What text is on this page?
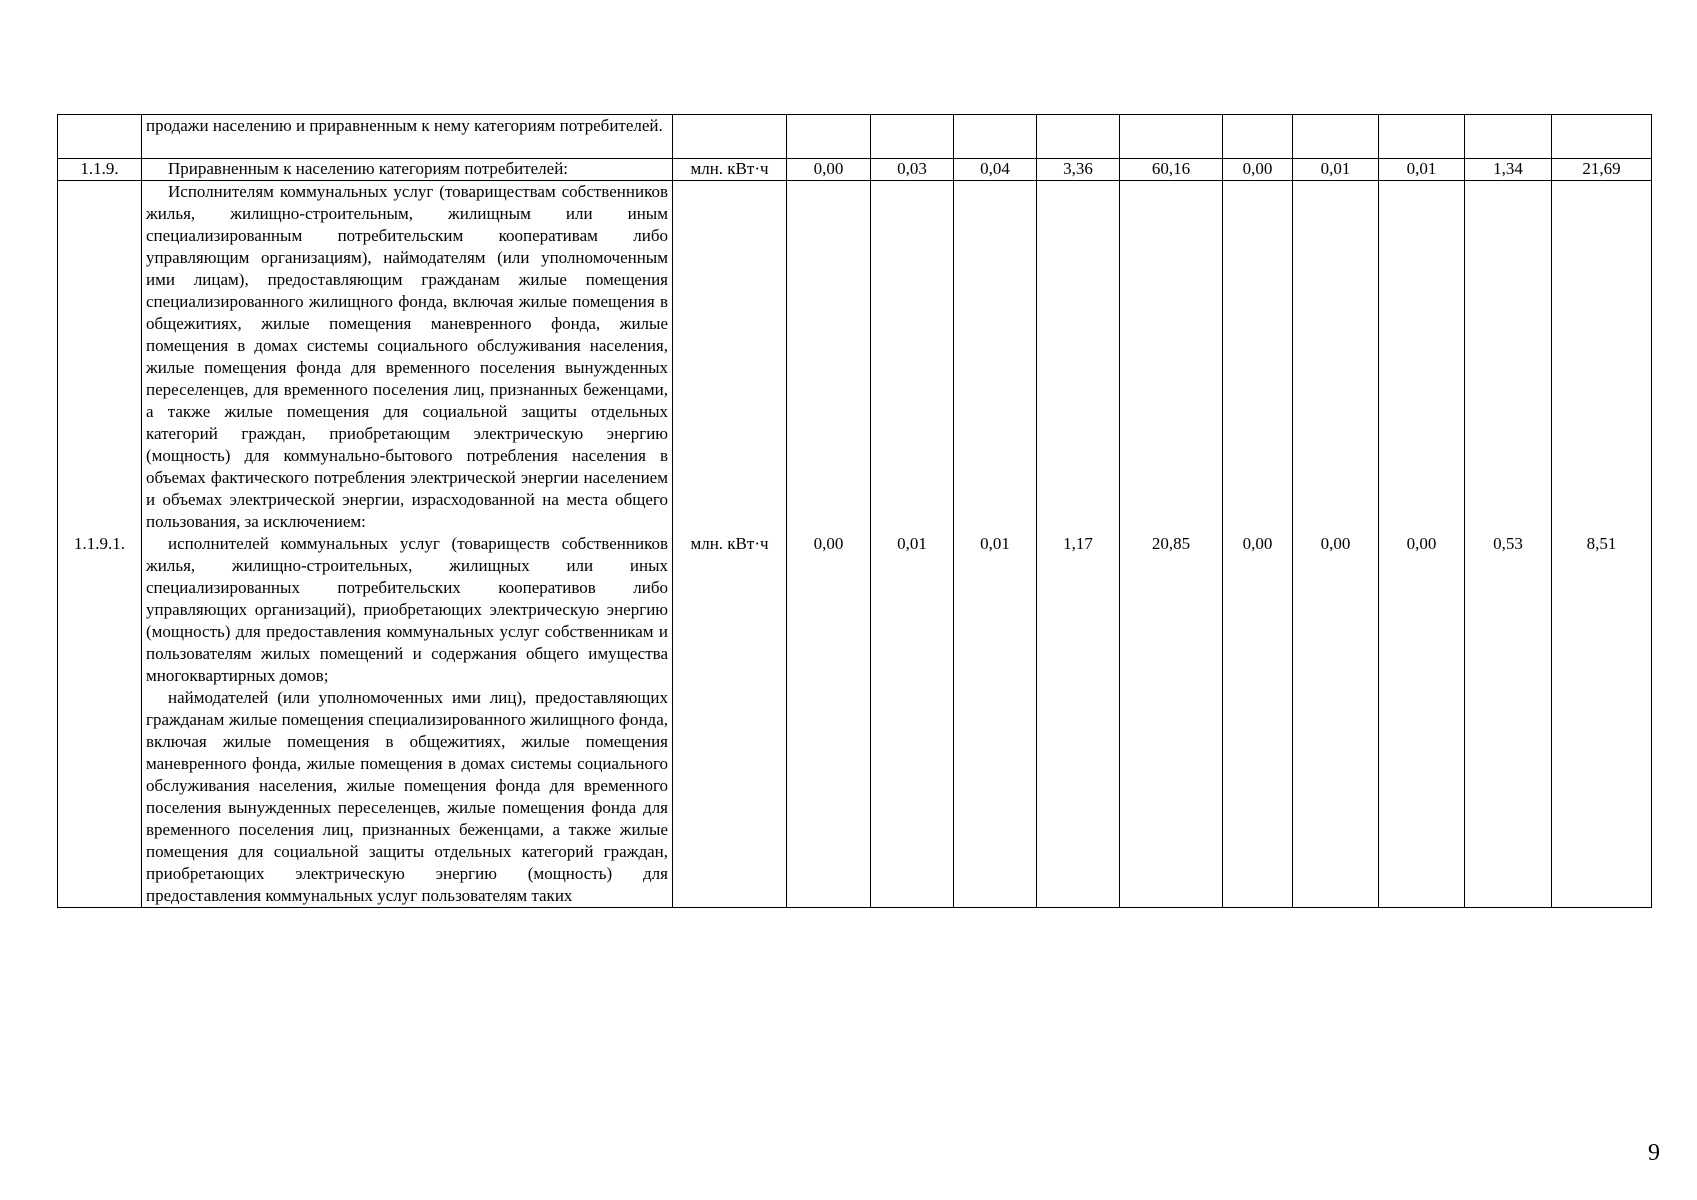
	продажи населению и приравненным к нему категориям потребителей.											

1.1.9.	Приравненным к населению категориям потребителей:	млн. кВт·ч	0,00	0,03	0,04	3,36	60,16	0,00	0,01	0,01	1,34	21,69
1.1.9.1.	Исполнителям коммунальных услуг (товариществам собственников жилья, жилищно-строительным, жилищным или иным специализированным потребительским кооперативам либо управляющим организациям), наймодателям (или уполномоченным ими лицам), предоставляющим гражданам жилые помещения специализированного жилищного фонда, включая жилые помещения в общежитиях, жилые помещения маневренного фонда, жилые помещения в домах системы социального обслуживания населения, жилые помещения фонда для временного поселения вынужденных переселенцев, для временного поселения лиц, признанных беженцами, а также жилые помещения для социальной защиты отдельных категорий граждан, приобретающим электрическую энергию (мощность) для коммунально-бытового потребления населения в объемах фактического потребления электрической энергии населением и объемах электрической энергии, израсходованной на места общего пользования, за исключением:
исполнителей коммунальных услуг (товариществ собственников жилья, жилищно-строительных, жилищных или иных специализированных потребительских кооперативов либо управляющих организаций), приобретающих электрическую энергию (мощность) для предоставления коммунальных услуг собственникам и пользователям жилых помещений и содержания общего имущества многоквартирных домов;
наймодателей (или уполномоченных ими лиц), предоставляющих гражданам жилые помещения специализированного жилищного фонда, включая жилые помещения в общежитиях, жилые помещения маневренного фонда, жилые помещения в домах системы социального обслуживания населения, жилые помещения фонда для временного поселения вынужденных переселенцев, жилые помещения фонда для временного поселения лиц, признанных беженцами, а также жилые помещения для социальной защиты отдельных категорий граждан, приобретающих электрическую энергию (мощность) для предоставления коммунальных услуг пользователям таких	млн. кВт·ч	0,00	0,01	0,01	1,17	20,85	0,00	0,00	0,00	0,53	8,51
9
